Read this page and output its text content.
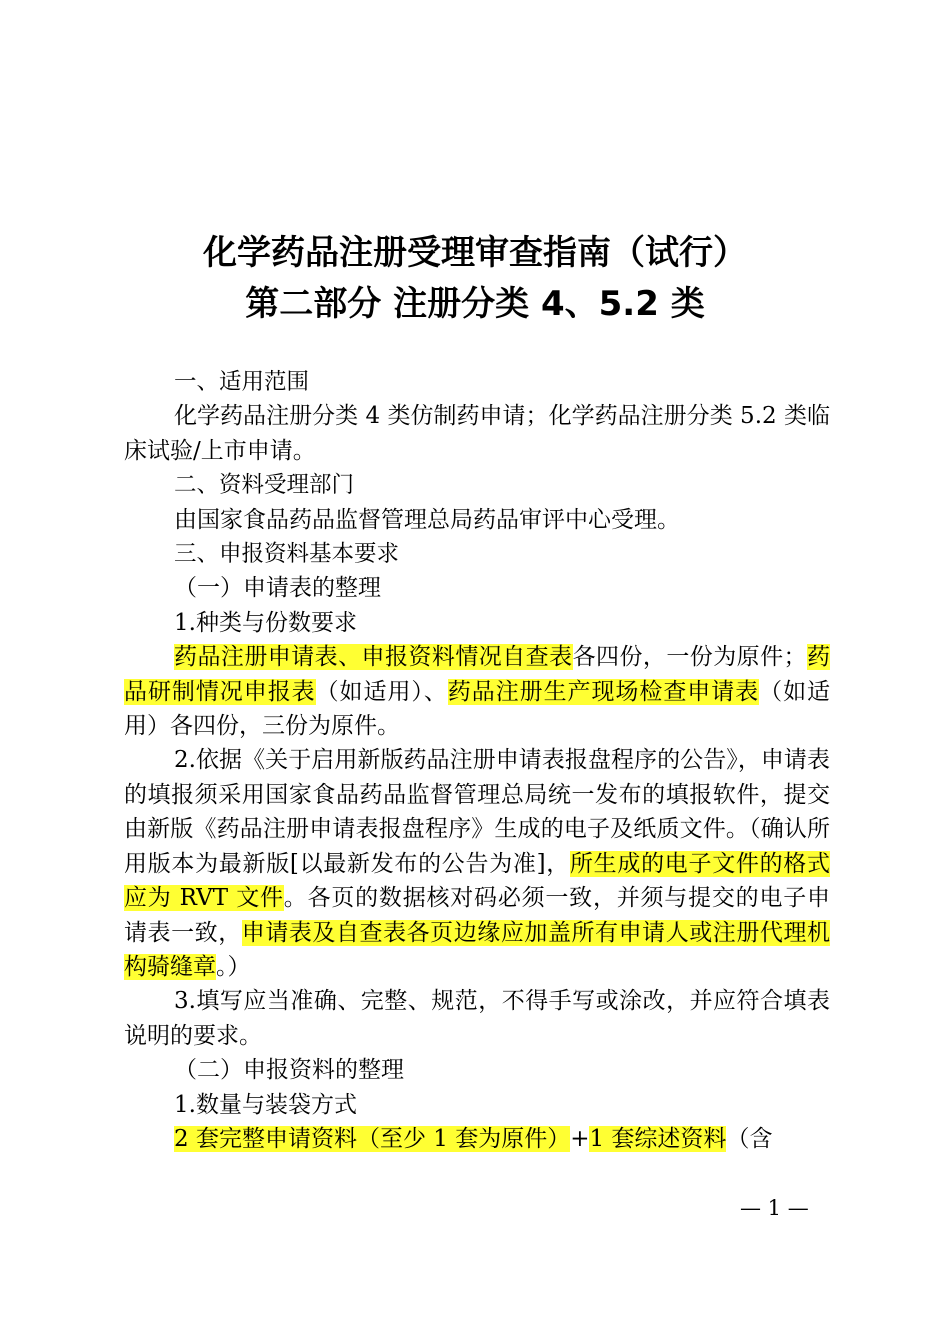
化学药品注册受理审查指南（试行）
第二部分 注册分类 4、5.2 类

一、适用范围

化学药品注册分类 4 类仿制药申请；化学药品注册分类 5.2 类临床试验/上市申请。

二、资料受理部门

由国家食品药品监督管理总局药品审评中心受理。

三、申报资料基本要求

（一）申请表的整理

1.种类与份数要求

药品注册申请表、申报资料情况自查表各四份，一份为原件；药品研制情况申报表（如适用）、药品注册生产现场检查申请表（如适用）各四份，三份为原件。

2.依据《关于启用新版药品注册申请表报盘程序的公告》，申请表的填报须采用国家食品药品监督管理总局统一发布的填报软件，提交由新版《药品注册申请表报盘程序》生成的电子及纸质文件。（确认所用版本为最新版[以最新发布的公告为准]，所生成的电子文件的格式应为 RVT 文件。各页的数据核对码必须一致，并须与提交的电子申请表一致，申请表及自查表各页边缘应加盖所有申请人或注册代理机构骑缝章。）

3.填写应当准确、完整、规范，不得手写或涂改，并应符合填表说明的要求。

（二）申报资料的整理

1.数量与装袋方式

2 套完整申请资料（至少 1 套为原件）+1 套综述资料（含

— 1 —
